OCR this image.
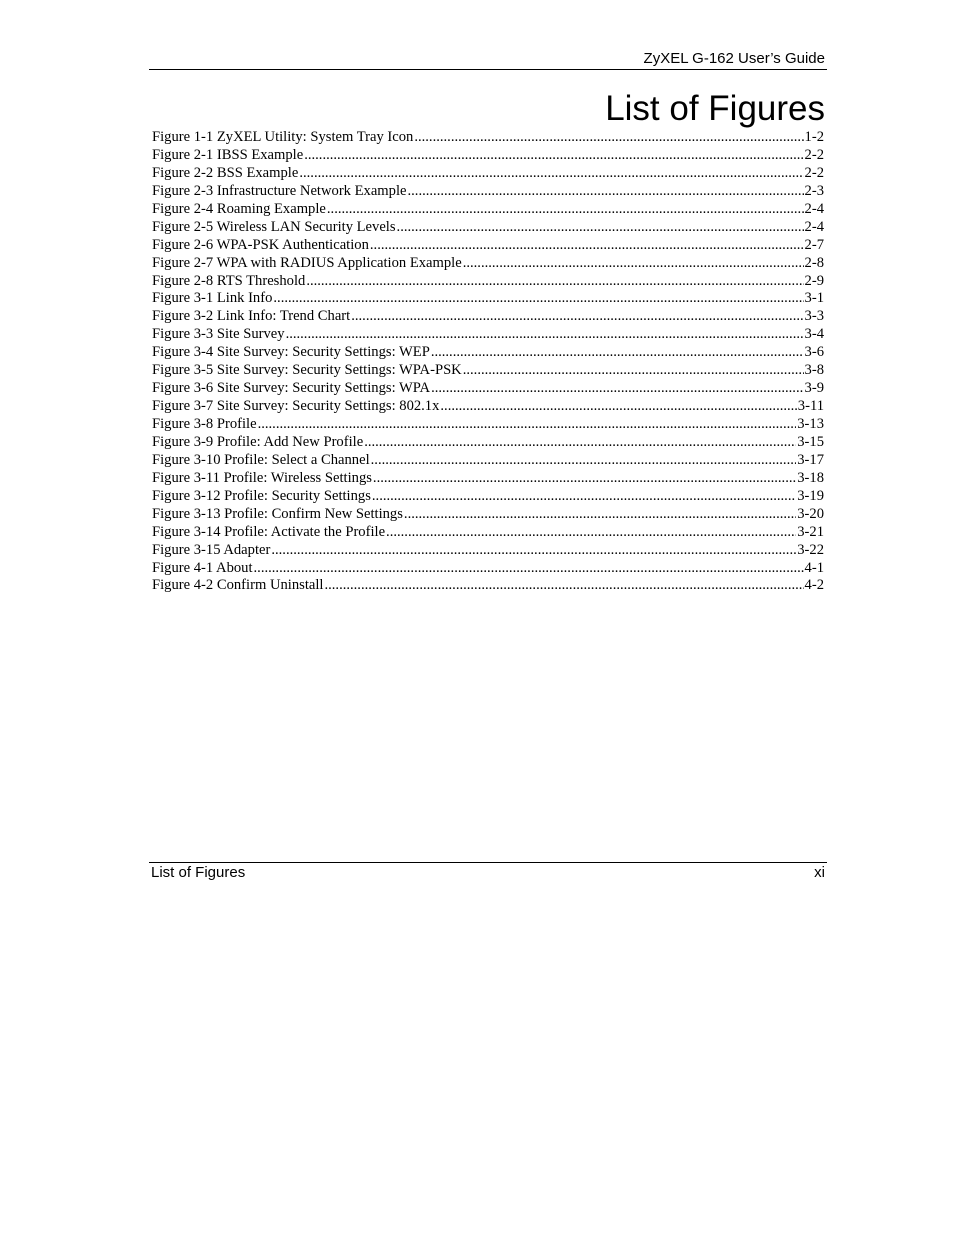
ZyXEL G-162 User’s Guide
List of Figures
Figure 1-1 ZyXEL Utility: System Tray Icon .....	1-2
Figure 2-1 IBSS Example .....	2-2
Figure 2-2 BSS Example .....	2-2
Figure 2-3 Infrastructure Network Example .....	2-3
Figure 2-4 Roaming Example .....	2-4
Figure 2-5 Wireless LAN Security Levels .....	2-4
Figure 2-6 WPA-PSK Authentication .....	2-7
Figure 2-7 WPA with RADIUS Application Example .....	2-8
Figure 2-8 RTS Threshold .....	2-9
Figure 3-1 Link Info .....	3-1
Figure 3-2 Link Info: Trend Chart .....	3-3
Figure 3-3 Site Survey .....	3-4
Figure 3-4 Site Survey: Security Settings: WEP .....	3-6
Figure 3-5 Site Survey: Security Settings: WPA-PSK .....	3-8
Figure 3-6 Site Survey: Security Settings: WPA .....	3-9
Figure 3-7 Site Survey: Security Settings: 802.1x .....	3-11
Figure 3-8 Profile .....	3-13
Figure 3-9 Profile: Add New Profile .....	3-15
Figure 3-10 Profile: Select a Channel .....	3-17
Figure 3-11 Profile: Wireless Settings .....	3-18
Figure 3-12 Profile: Security Settings .....	3-19
Figure 3-13 Profile: Confirm New Settings .....	3-20
Figure 3-14 Profile: Activate the Profile .....	3-21
Figure 3-15 Adapter .....	3-22
Figure 4-1 About .....	4-1
Figure 4-2 Confirm Uninstall .....	4-2
List of Figures	xi
